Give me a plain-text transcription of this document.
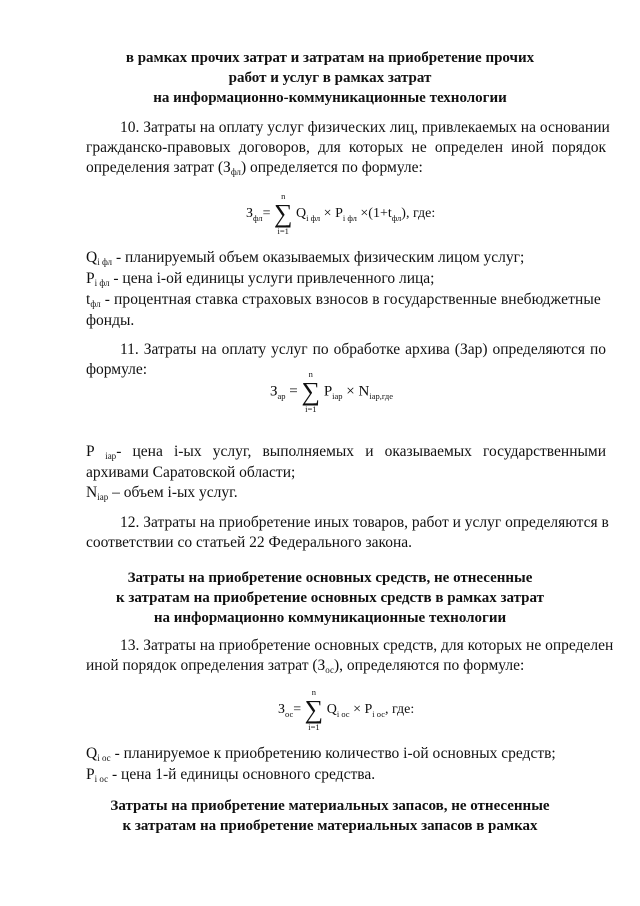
в рамках прочих затрат и затратам на приобретение прочих
работ и услуг в рамках затрат
на информационно-коммуникационные технологии
10. Затраты на оплату услуг физических лиц, привлекаемых на основании
гражданско-правовых договоров, для которых не определен иной порядок
определения затрат (Зфл) определяется по формуле:
$З_{фл}=$
n
∑
i=1
$Q_{i фл} \times P_{i фл} \times(1+t_{фл})$, где:
Qi фл - планируемый объем оказываемых физическим лицом услуг;
Pi фл - цена i-ой единицы услуги привлеченного лица;
tфл - процентная ставка страховых взносов в государственные внебюджетные
фонды.
11. Затраты на оплату услуг по обработке архива (Зар) определяются по
формуле:
$З_{ар}$ =
n
∑
i=1
$P_{iар} \times N_{iар,где}$
P iар- цена i-ых услуг, выполняемых и оказываемых государственными
архивами Саратовской области;
Niар – объем i-ых услуг.
12. Затраты на приобретение иных товаров, работ и услуг определяются в
соответствии со статьей 22 Федерального закона.
Затраты на приобретение основных средств, не отнесенные
к затратам на приобретение основных средств в рамках затрат
на информационно коммуникационные технологии
13. Затраты на приобретение основных средств, для которых не определен
иной порядок определения затрат (Зос), определяются по формуле:
$З_{ос}=$
n
∑
i=1
$Q_{i ос} \times P_{i ос}$, где:
Qi ос - планируемое к приобретению количество i-ой основных средств;
Pi ос - цена 1-й единицы основного средства.
Затраты на приобретение материальных запасов, не отнесенные
к затратам на приобретение материальных запасов в рамках
